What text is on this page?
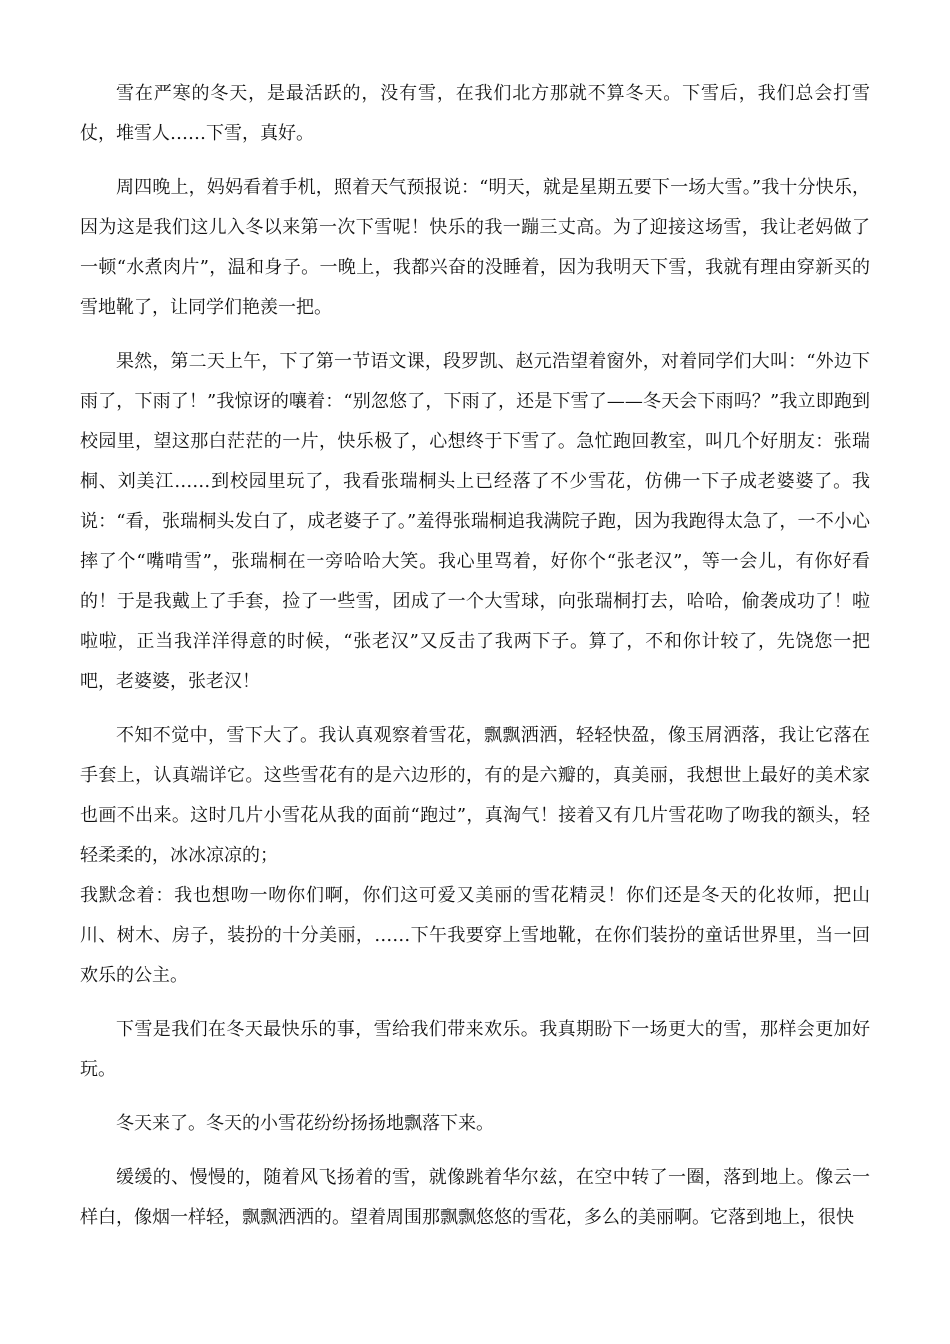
雪在严寒的冬天，是最活跃的，没有雪，在我们北方那就不算冬天。下雪后，我们总会打雪仗，堆雪人……下雪，真好。

周四晚上，妈妈看着手机，照着天气预报说：“明天，就是星期五要下一场大雪。”我十分快乐，因为这是我们这儿入冬以来第一次下雪呢！快乐的我一蹦三丈高。为了迎接这场雪，我让老妈做了一顿“水煮肉片”，温和身子。一晚上，我都兴奋的没睡着，因为我明天下雪，我就有理由穿新买的雪地靴了，让同学们艳羡一把。

果然，第二天上午，下了第一节语文课，段罗凯、赵元浩望着窗外，对着同学们大叫：“外边下雨了，下雨了！”我惊讶的嚷着：“别忽悠了，下雨了，还是下雪了——冬天会下雨吗？”我立即跑到校园里，望这那白茫茫的一片，快乐极了，心想终于下雪了。急忙跑回教室，叫几个好朋友：张瑞桐、刘美江……到校园里玩了，我看张瑞桐头上已经落了不少雪花，仿佛一下子成老婆婆了。我说：“看，张瑞桐头发白了，成老婆子了。”羞得张瑞桐追我满院子跑，因为我跑得太急了，一不小心摔了个“嘴啃雪”，张瑞桐在一旁哈哈大笑。我心里骂着，好你个“张老汉”，等一会儿，有你好看的！于是我戴上了手套，捡了一些雪，团成了一个大雪球，向张瑞桐打去，哈哈，偷袭成功了！啦啦啦，正当我洋洋得意的时候，“张老汉”又反击了我两下子。算了，不和你计较了，先饶您一把吧，老婆婆，张老汉！

不知不觉中，雪下大了。我认真观察着雪花，飘飘洒洒，轻轻快盈，像玉屑洒落，我让它落在手套上，认真端详它。这些雪花有的是六边形的，有的是六瓣的，真美丽，我想世上最好的美术家也画不出来。这时几片小雪花从我的面前“跑过”，真淘气！接着又有几片雪花吻了吻我的额头，轻轻柔柔的，冰冰凉凉的；

我默念着：我也想吻一吻你们啊，你们这可爱又美丽的雪花精灵！你们还是冬天的化妆师，把山川、树木、房子，装扮的十分美丽，……下午我要穿上雪地靴，在你们装扮的童话世界里，当一回欢乐的公主。

下雪是我们在冬天最快乐的事，雪给我们带来欢乐。我真期盼下一场更大的雪，那样会更加好玩。

冬天来了。冬天的小雪花纷纷扬扬地飘落下来。

缓缓的、慢慢的，随着风飞扬着的雪，就像跳着华尔兹，在空中转了一圈，落到地上。像云一样白，像烟一样轻，飘飘洒洒的。望着周围那飘飘悠悠的雪花，多么的美丽啊。它落到地上，很快
